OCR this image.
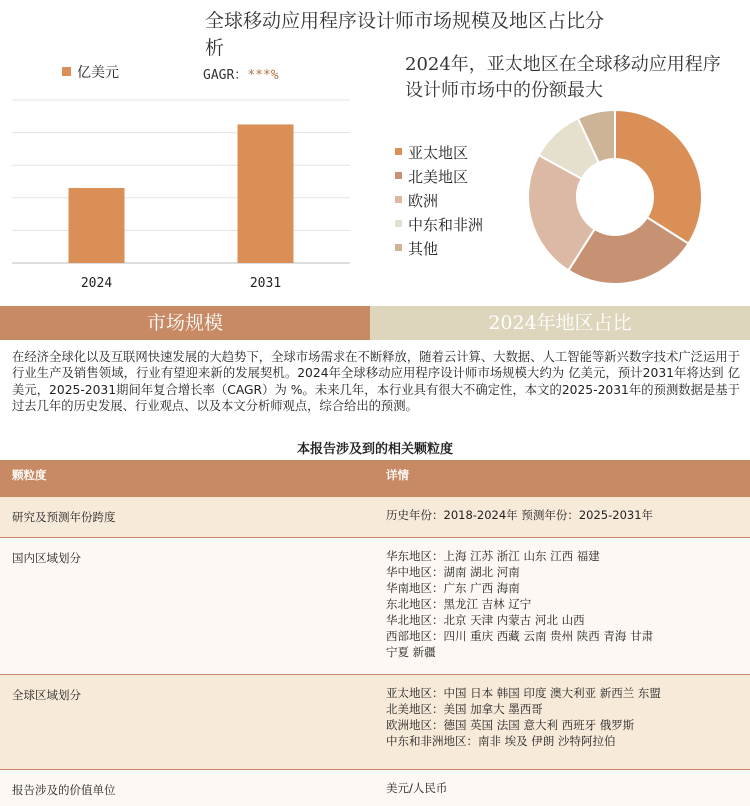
全球移动应用程序设计师市场规模及地区占比分析
亿美元	GAGR：***%
2024	2031
2024年，亚太地区在全球移动应用程序设计师市场中的份额最大
亚太地区
北美地区
欧洲
中东和非洲
其他
市场规模	2024年地区占比
在经济全球化以及互联网快速发展的大趋势下，全球市场需求在不断释放，随着云计算、大数据、人工智能等新兴数字技术广泛运用于行业生产及销售领域，行业有望迎来新的发展契机。2024年全球移动应用程序设计师市场规模大约为 亿美元，预计2031年将达到 亿美元，2025-2031期间年复合增长率（CAGR）为 %。未来几年，本行业具有很大不确定性，本文的2025-2031年的预测数据是基于过去几年的历史发展、行业观点、以及本文分析师观点，综合给出的预测。
本报告涉及到的相关颗粒度
颗粒度	详情
研究及预测年份跨度	历史年份：2018-2024年 预测年份：2025-2031年
国内区域划分	华东地区：上海 江苏 浙江 山东 江西 福建
华中地区：湖南 湖北 河南
华南地区：广东 广西 海南
东北地区：黑龙江 吉林 辽宁
华北地区：北京 天津 内蒙古 河北 山西
西部地区：四川 重庆 西藏 云南 贵州 陕西 青海 甘肃
宁夏 新疆
全球区域划分	亚太地区：中国 日本 韩国 印度 澳大利亚 新西兰 东盟
北美地区：美国 加拿大 墨西哥
欧洲地区：德国 英国 法国 意大利 西班牙 俄罗斯
中东和非洲地区：南非 埃及 伊朗 沙特阿拉伯
报告涉及的价值单位	美元/人民币
